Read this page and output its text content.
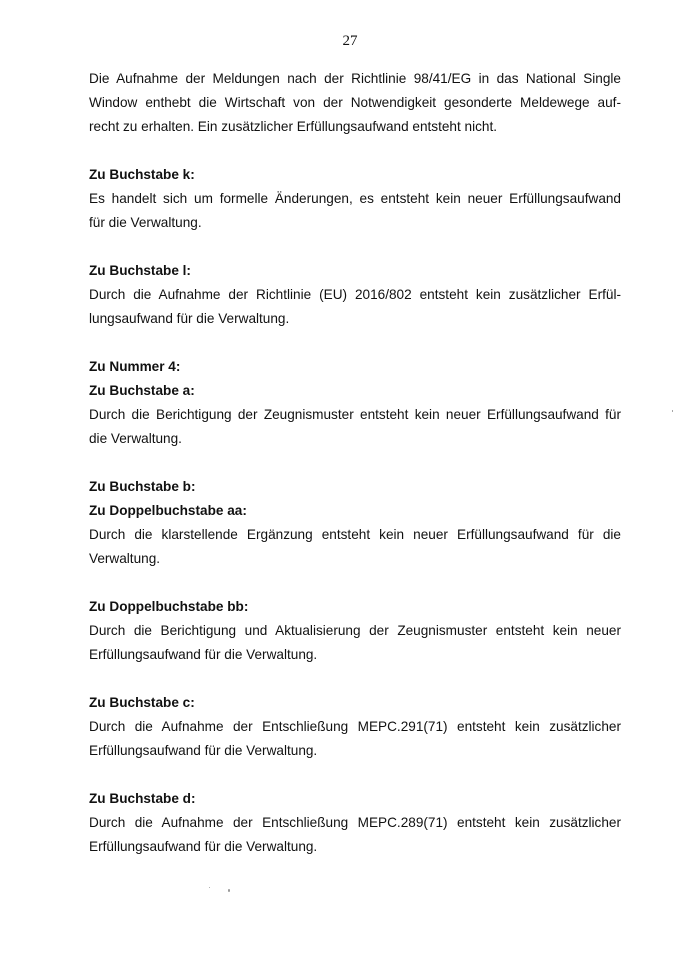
27

Die Aufnahme der Meldungen nach der Richtlinie 98/41/EG in das National Single
Window enthebt die Wirtschaft von der Notwendigkeit gesonderte Meldewege auf-
recht zu erhalten. Ein zusätzlicher Erfüllungsaufwand entsteht nicht.

Zu Buchstabe k:

Es handelt sich um formelle Änderungen, es entsteht kein neuer Erfüllungsaufwand
für die Verwaltung.

Zu Buchstabe l:

Durch die Aufnahme der Richtlinie (EU) 2016/802 entsteht kein zusätzlicher Erfül-
lungsaufwand für die Verwaltung.

Zu Nummer 4:

Zu Buchstabe a:

Durch die Berichtigung der Zeugnismuster entsteht kein neuer Erfüllungsaufwand für
die Verwaltung.

Zu Buchstabe b:

Zu Doppelbuchstabe aa:

Durch die klarstellende Ergänzung entsteht kein neuer Erfüllungsaufwand für die
Verwaltung.

Zu Doppelbuchstabe bb:

Durch die Berichtigung und Aktualisierung der Zeugnismuster entsteht kein neuer
Erfüllungsaufwand für die Verwaltung.

Zu Buchstabe c:

Durch die Aufnahme der Entschließung MEPC.291(71) entsteht kein zusätzlicher
Erfüllungsaufwand für die Verwaltung.

Zu Buchstabe d:

Durch die Aufnahme der Entschließung MEPC.289(71) entsteht kein zusätzlicher
Erfüllungsaufwand für die Verwaltung.
